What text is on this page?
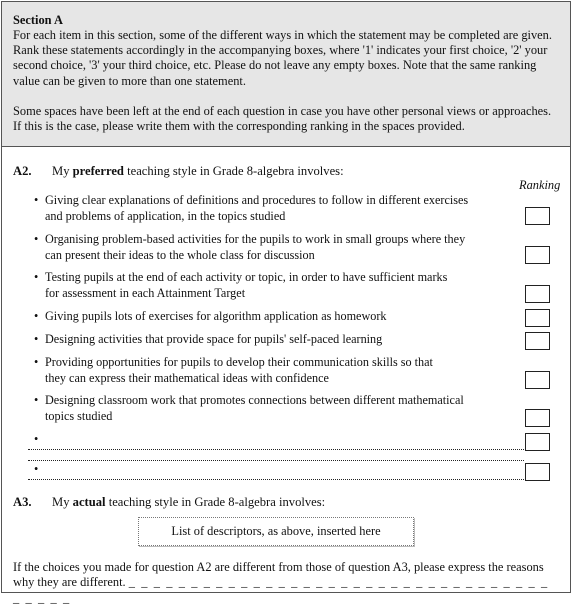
Section A

For each item in this section, some of the different ways in which the statement may be completed are given. Rank these statements accordingly in the accompanying boxes, where '1' indicates your first choice, '2' your second choice, '3' your third choice, etc. Please do not leave any empty boxes. Note that the same ranking value can be given to more than one statement.

Some spaces have been left at the end of each question in case you have other personal views or approaches. If this is the case, please write them with the corresponding ranking in the spaces provided.

A2. My preferred teaching style in Grade 8-algebra involves:
Ranking
• Giving clear explanations of definitions and procedures to follow in different exercises
and problems of application, in the topics studied
• Organising problem-based activities for the pupils to work in small groups where they
can present their ideas to the whole class for discussion
• Testing pupils at the end of each activity or topic, in order to have sufficient marks
for assessment in each Attainment Target
• Giving pupils lots of exercises for algorithm application as homework
• Designing activities that provide space for pupils' self-paced learning
• Providing opportunities for pupils to develop their communication skills so that
they can express their mathematical ideas with confidence
• Designing classroom work that promotes connections between different mathematical
topics studied
•
•
A3. My actual teaching style in Grade 8-algebra involves:
List of descriptors, as above, inserted here
If the choices you made for question A2 are different from those of question A3, please express the reasons
why they are different. _ _ _ _ _ _ _ _ _ _ _ _ _ _ _ _ _ _ _ _ _ _ _ _ _ _ _ _ _ _ _ _ _ _ _ _ _ _ _
